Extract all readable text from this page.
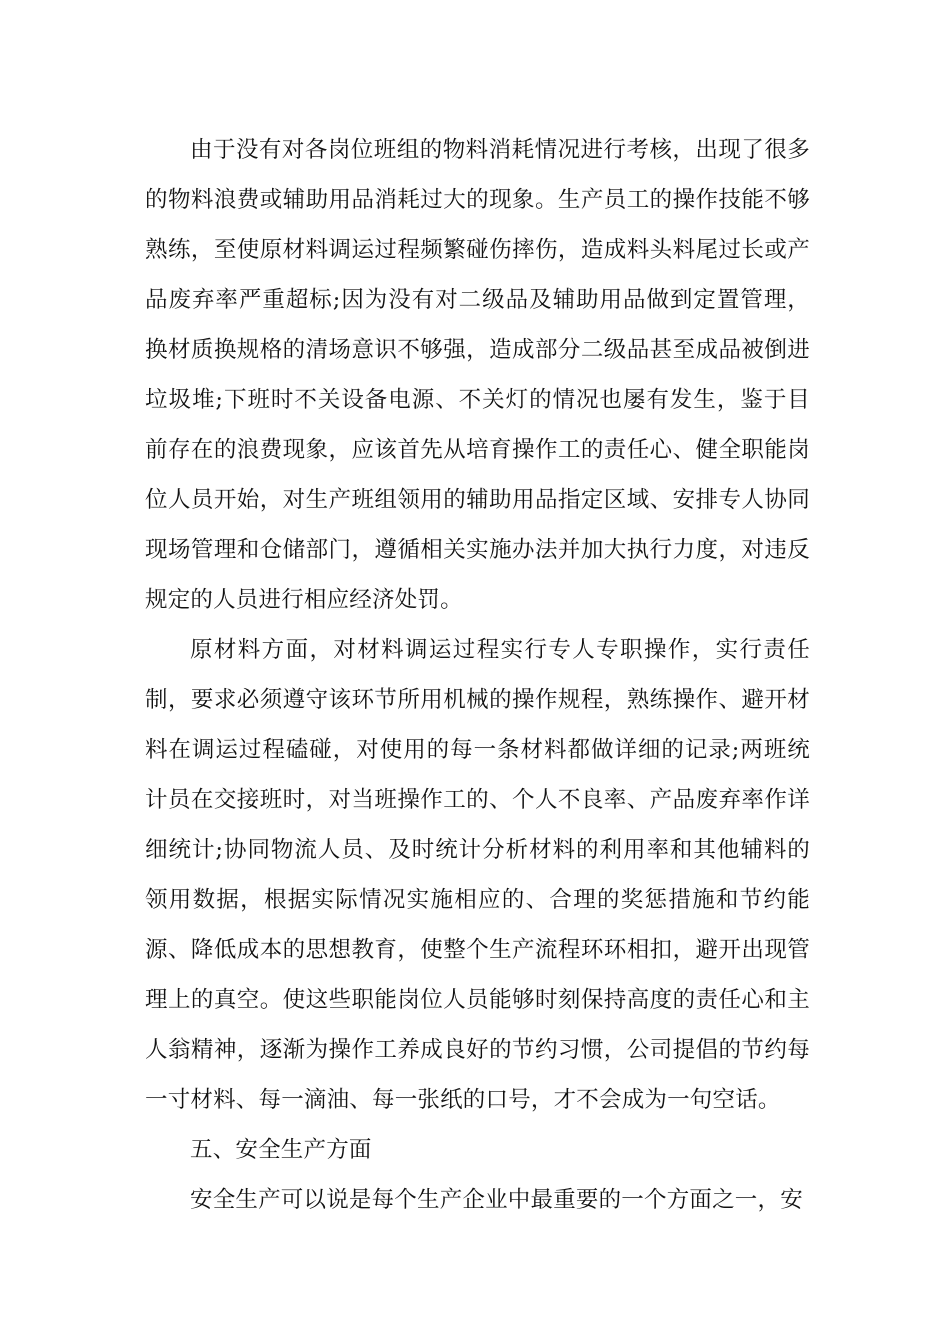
由于没有对各岗位班组的物料消耗情况进行考核，出现了很多的物料浪费或辅助用品消耗过大的现象。生产员工的操作技能不够熟练，至使原材料调运过程频繁碰伤摔伤，造成料头料尾过长或产品废弃率严重超标;因为没有对二级品及辅助用品做到定置管理，换材质换规格的清场意识不够强，造成部分二级品甚至成品被倒进垃圾堆;下班时不关设备电源、不关灯的情况也屡有发生，鉴于目前存在的浪费现象，应该首先从培育操作工的责任心、健全职能岗位人员开始，对生产班组领用的辅助用品指定区域、安排专人协同现场管理和仓储部门，遵循相关实施办法并加大执行力度，对违反规定的人员进行相应经济处罚。

原材料方面，对材料调运过程实行专人专职操作，实行责任制，要求必须遵守该环节所用机械的操作规程，熟练操作、避开材料在调运过程磕碰，对使用的每一条材料都做详细的记录;两班统计员在交接班时，对当班操作工的、个人不良率、产品废弃率作详细统计;协同物流人员、及时统计分析材料的利用率和其他辅料的领用数据，根据实际情况实施相应的、合理的奖惩措施和节约能源、降低成本的思想教育，使整个生产流程环环相扣，避开出现管理上的真空。使这些职能岗位人员能够时刻保持高度的责任心和主人翁精神，逐渐为操作工养成良好的节约习惯，公司提倡的节约每一寸材料、每一滴油、每一张纸的口号，才不会成为一句空话。

五、安全生产方面

安全生产可以说是每个生产企业中最重要的一个方面之一，安
